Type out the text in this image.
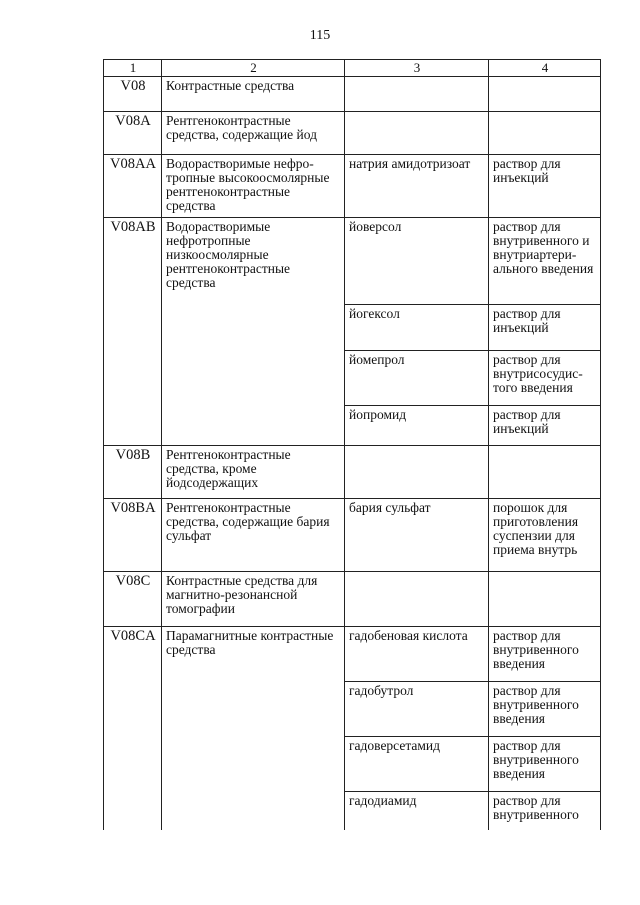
115
1	2	3	4
V08	Контрастные средства		
V08A	Рентгеноконтрастные средства, содержащие йод		
V08AA	Водорастворимые нефро-тропные высокоосмолярные рентгеноконтрастные средства	натрия амидотризоат	раствор для инъекций
V08AB	Водорастворимые нефротропные низкоосмолярные рентгеноконтрастные средства	йоверсол	раствор для внутривенного и внутриартери-ального введения
		йогексол	раствор для инъекций
		йомепрол	раствор для внутрисосудис-того введения
		йопромид	раствор для инъекций
V08B	Рентгеноконтрастные средства, кроме йодсодержащих		
V08BA	Рентгеноконтрастные средства, содержащие бария сульфат	бария сульфат	порошок для приготовления суспензии для приема внутрь
V08C	Контрастные средства для магнитно-резонансной томографии		
V08CA	Парамагнитные контрастные средства	гадобеновая кислота	раствор для внутривенного введения
		гадобутрол	раствор для внутривенного введения
		гадоверсетамид	раствор для внутривенного введения
		гадодиамид	раствор для внутривенного
